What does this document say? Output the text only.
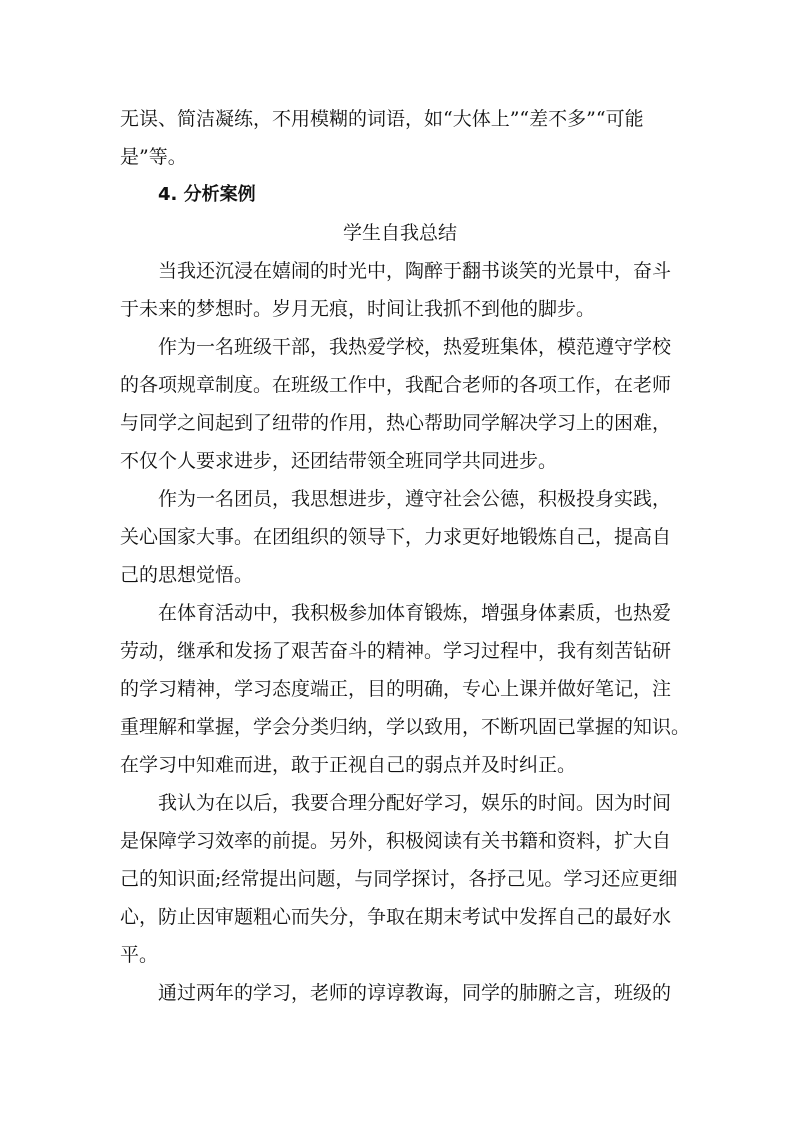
无误、简洁凝练，不用模糊的词语，如“大体上”“差不多”“可能
是”等。
4. 分析案例
学生自我总结
当我还沉浸在嬉闹的时光中，陶醉于翻书谈笑的光景中，奋斗
于未来的梦想时。岁月无痕，时间让我抓不到他的脚步。
作为一名班级干部，我热爱学校，热爱班集体，模范遵守学校
的各项规章制度。在班级工作中，我配合老师的各项工作，在老师
与同学之间起到了纽带的作用，热心帮助同学解决学习上的困难，
不仅个人要求进步，还团结带领全班同学共同进步。
作为一名团员，我思想进步，遵守社会公德，积极投身实践，
关心国家大事。在团组织的领导下，力求更好地锻炼自己，提高自
己的思想觉悟。
在体育活动中，我积极参加体育锻炼，增强身体素质，也热爱
劳动，继承和发扬了艰苦奋斗的精神。学习过程中，我有刻苦钻研
的学习精神，学习态度端正，目的明确，专心上课并做好笔记，注
重理解和掌握，学会分类归纳，学以致用，不断巩固已掌握的知识。
在学习中知难而进，敢于正视自己的弱点并及时纠正。
我认为在以后，我要合理分配好学习，娱乐的时间。因为时间
是保障学习效率的前提。另外，积极阅读有关书籍和资料，扩大自
己的知识面;经常提出问题，与同学探讨，各抒己见。学习还应更细
心，防止因审题粗心而失分，争取在期末考试中发挥自己的最好水
平。
通过两年的学习，老师的谆谆教诲，同学的肺腑之言，班级的
